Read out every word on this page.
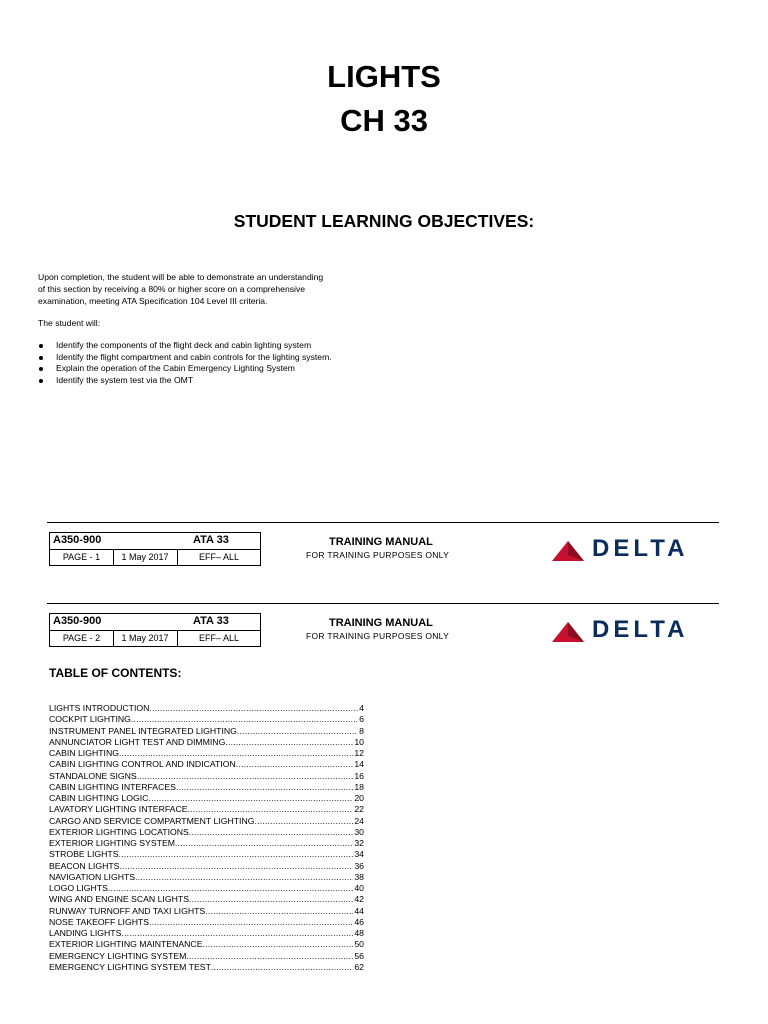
LIGHTS
CH 33
STUDENT LEARNING OBJECTIVES:

Upon completion, the student will be able to demonstrate an understanding

of this section by receiving a 80% or higher score on a comprehensive

examination, meeting ATA Specification 104 Level III criteria.

The student will:
Identify the components of the flight deck and cabin lighting system
Identify the flight compartment and cabin controls for the lighting system.
Explain the operation of the Cabin Emergency Lighting System
Identify the system test via the OMT
A350-900	ATA 33
PAGE - 1	1 May 2017	EFF– ALL
TRAINING MANUAL
FOR TRAINING PURPOSES ONLY	DELTA
A350-900	ATA 33
PAGE - 2	1 May 2017	EFF– ALL
TRAINING MANUAL
FOR TRAINING PURPOSES ONLY	DELTA
TABLE OF CONTENTS:
LIGHTS INTRODUCTION .....	4
COCKPIT LIGHTING .....	6
INSTRUMENT PANEL INTEGRATED LIGHTING .....	8
ANNUNCIATOR LIGHT TEST AND DIMMING .....	10
CABIN LIGHTING .....	12
CABIN LIGHTING CONTROL AND INDICATION .....	14
STANDALONE SIGNS .....	16
CABIN LIGHTING INTERFACES .....	18
CABIN LIGHTING LOGIC .....	20
LAVATORY LIGHTING INTERFACE .....	22
CARGO AND SERVICE COMPARTMENT LIGHTING .....	24
EXTERIOR LIGHTING LOCATIONS .....	30
EXTERIOR LIGHTING SYSTEM .....	32
STROBE LIGHTS .....	34
BEACON LIGHTS .....	36
NAVIGATION LIGHTS .....	38
LOGO LIGHTS .....	40
WING AND ENGINE SCAN LIGHTS .....	42
RUNWAY TURNOFF AND TAXI LIGHTS .....	44
NOSE TAKEOFF LIGHTS .....	46
LANDING LIGHTS .....	48
EXTERIOR LIGHTING MAINTENANCE .....	50
EMERGENCY LIGHTING SYSTEM .....	56
EMERGENCY LIGHTING SYSTEM TEST .....	62
